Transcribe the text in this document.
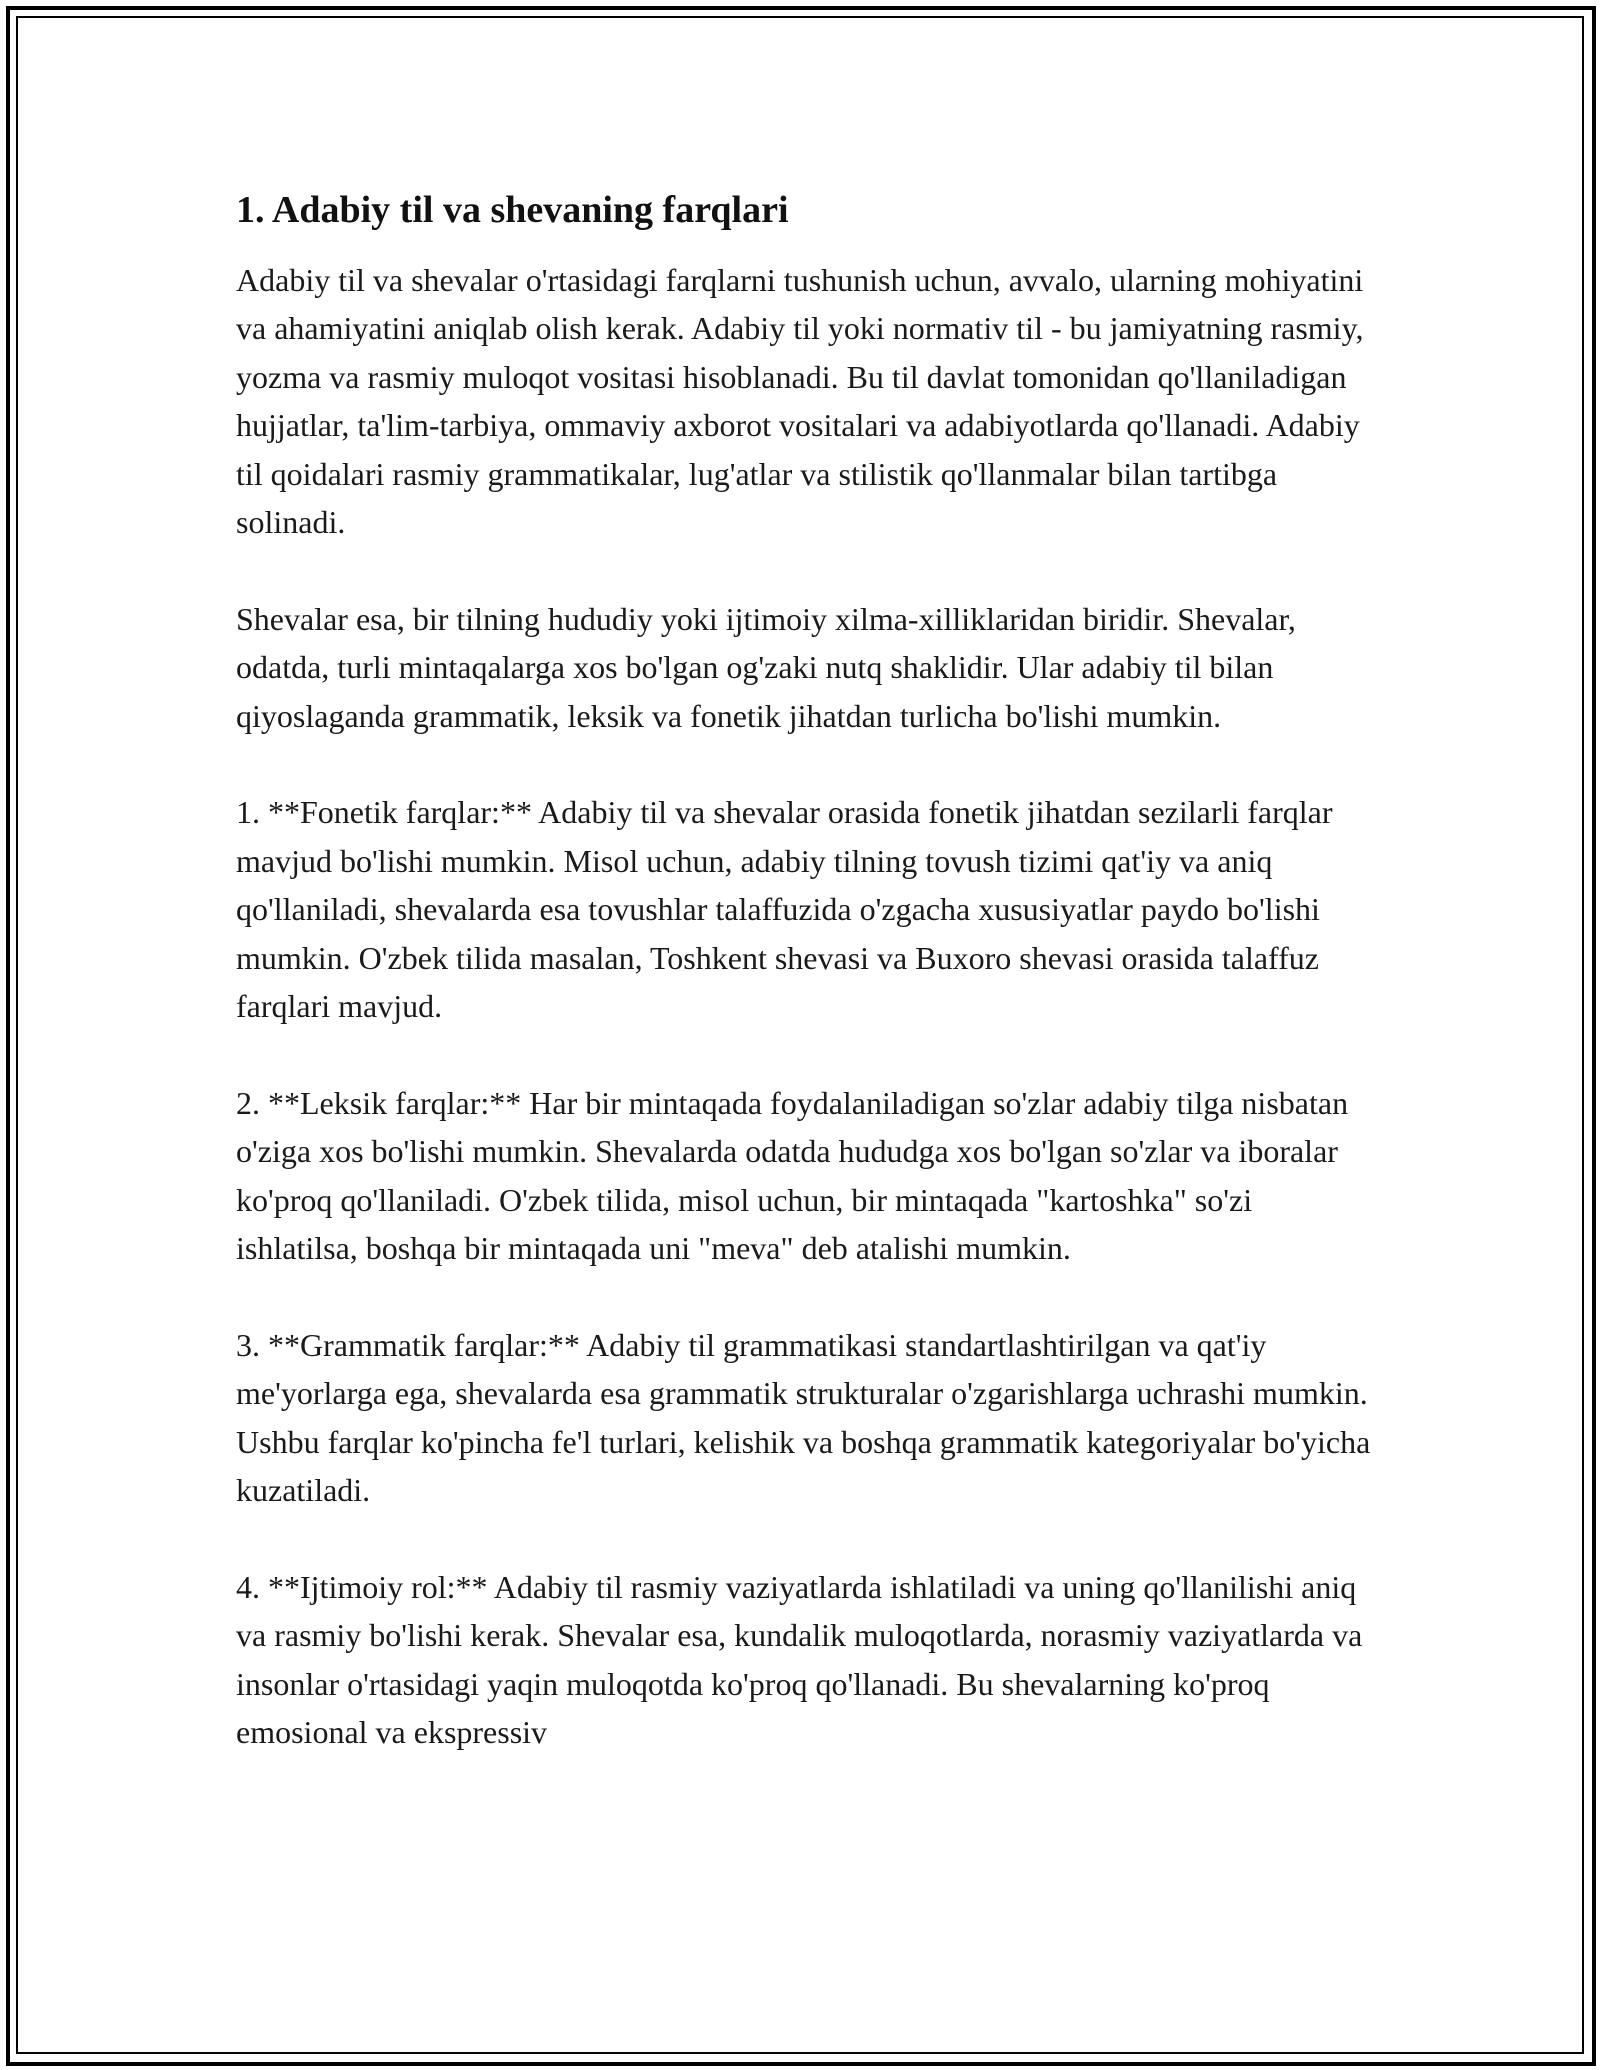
1. Adabiy til va shevaning farqlari

Adabiy til va shevalar o'rtasidagi farqlarni tushunish uchun, avvalo, ularning mohiyatini va ahamiyatini aniqlab olish kerak. Adabiy til yoki normativ til - bu jamiyatning rasmiy, yozma va rasmiy muloqot vositasi hisoblanadi. Bu til davlat tomonidan qo'llaniladigan hujjatlar, ta'lim-tarbiya, ommaviy axborot vositalari va adabiyotlarda qo'llanadi. Adabiy til qoidalari rasmiy grammatikalar, lug'atlar va stilistik qo'llanmalar bilan tartibga solinadi.

Shevalar esa, bir tilning hududiy yoki ijtimoiy xilma-xilliklaridan biridir. Shevalar, odatda, turli mintaqalarga xos bo'lgan og'zaki nutq shaklidir. Ular adabiy til bilan qiyoslaganda grammatik, leksik va fonetik jihatdan turlicha bo'lishi mumkin.

1. **Fonetik farqlar:** Adabiy til va shevalar orasida fonetik jihatdan sezilarli farqlar mavjud bo'lishi mumkin. Misol uchun, adabiy tilning tovush tizimi qat'iy va aniq qo'llaniladi, shevalarda esa tovushlar talaffuzida o'zgacha xususiyatlar paydo bo'lishi mumkin. O'zbek tilida masalan, Toshkent shevasi va Buxoro shevasi orasida talaffuz farqlari mavjud.

2. **Leksik farqlar:** Har bir mintaqada foydalaniladigan so'zlar adabiy tilga nisbatan o'ziga xos bo'lishi mumkin. Shevalarda odatda hududga xos bo'lgan so'zlar va iboralar ko'proq qo'llaniladi. O'zbek tilida, misol uchun, bir mintaqada "kartoshka" so'zi ishlatilsa, boshqa bir mintaqada uni "meva" deb atalishi mumkin.

3. **Grammatik farqlar:** Adabiy til grammatikasi standartlashtirilgan va qat'iy me'yorlarga ega, shevalarda esa grammatik strukturalar o'zgarishlarga uchrashi mumkin. Ushbu farqlar ko'pincha fe'l turlari, kelishik va boshqa grammatik kategoriyalar bo'yicha kuzatiladi.

4. **Ijtimoiy rol:** Adabiy til rasmiy vaziyatlarda ishlatiladi va uning qo'llanilishi aniq va rasmiy bo'lishi kerak. Shevalar esa, kundalik muloqotlarda, norasmiy vaziyatlarda va insonlar o'rtasidagi yaqin muloqotda ko'proq qo'llanadi. Bu shevalarning ko'proq emosional va ekspressiv
